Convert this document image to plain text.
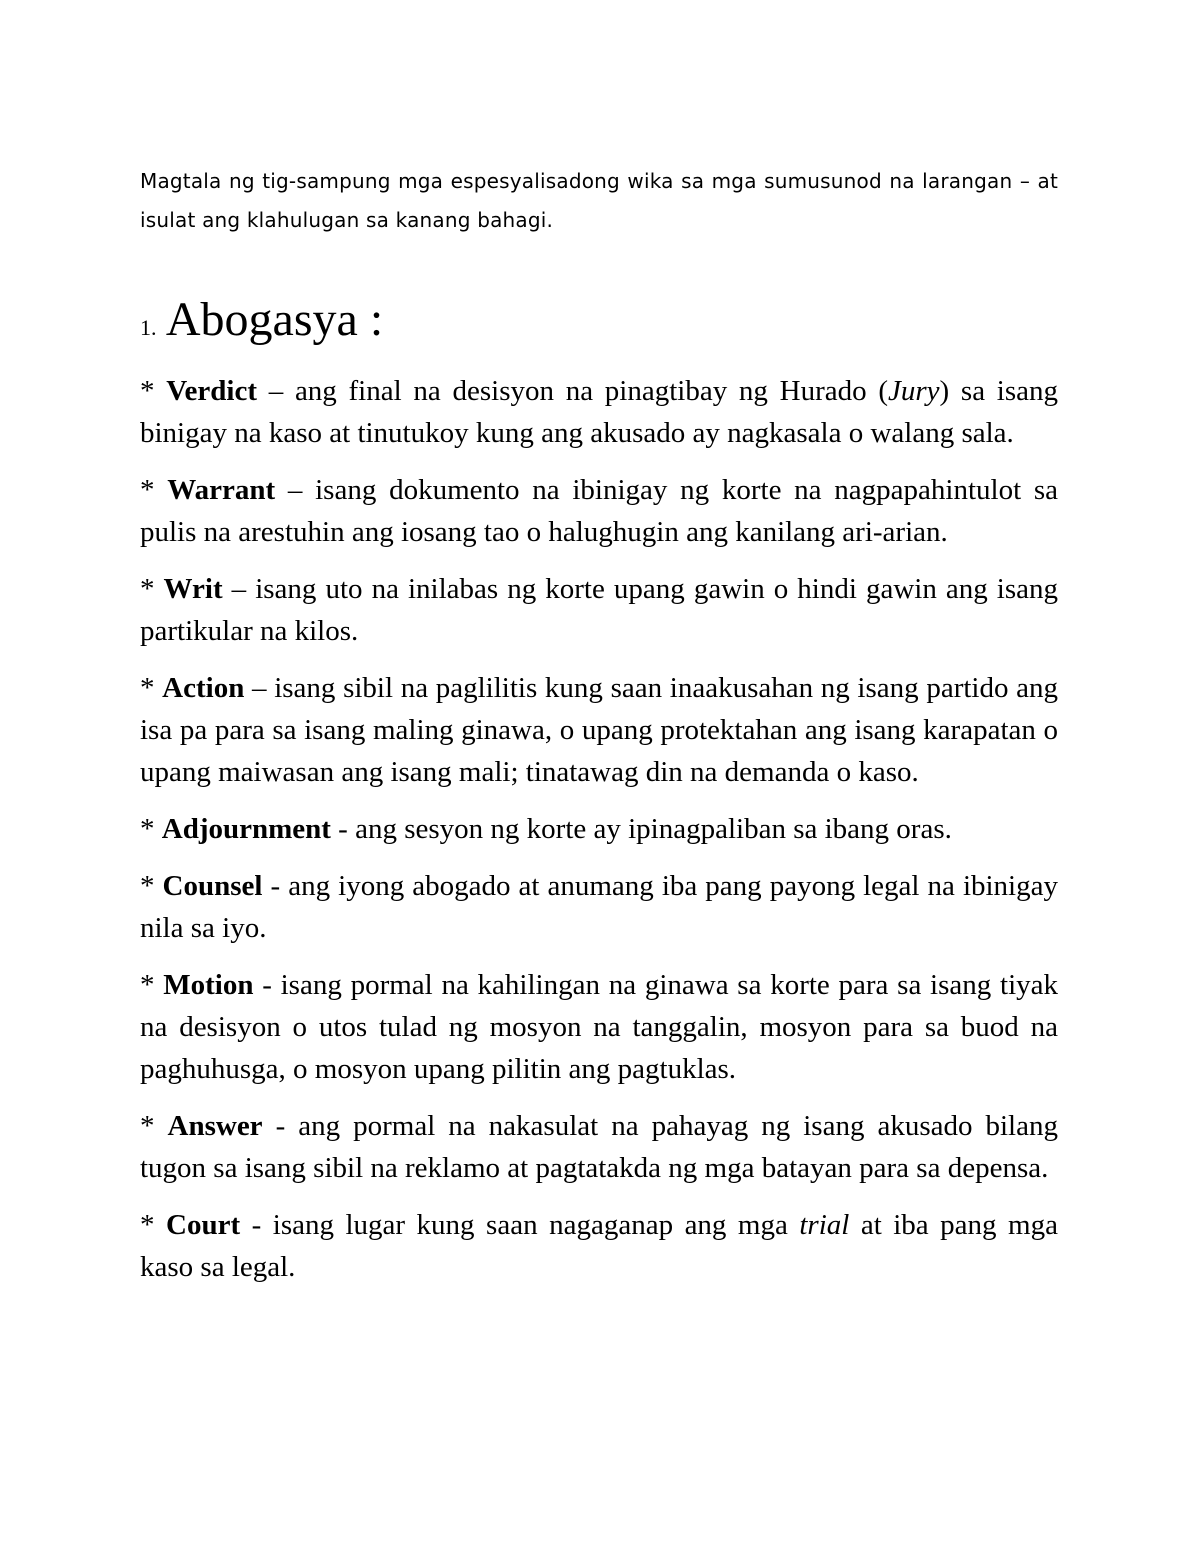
Magtala ng tig-sampung mga espesyalisadong wika sa mga sumusunod na larangan – at isulat ang klahulugan sa kanang bahagi.

1. Abogasya :

* Verdict – ang final na desisyon na pinagtibay ng Hurado (Jury) sa isang binigay na kaso at tinutukoy kung ang akusado ay nagkasala o walang sala.

* Warrant – isang dokumento na ibinigay ng korte na nagpapahintulot sa pulis na arestuhin ang iosang tao o halughugin ang kanilang ari-arian.

* Writ – isang uto na inilabas ng korte upang gawin o hindi gawin ang isang partikular na kilos.

* Action – isang sibil na paglilitis kung saan inaakusahan ng isang partido ang isa pa para sa isang maling ginawa, o upang protektahan ang isang karapatan o upang maiwasan ang isang mali; tinatawag din na demanda o kaso.

* Adjournment - ang sesyon ng korte ay ipinagpaliban sa ibang oras.

* Counsel - ang iyong abogado at anumang iba pang payong legal na ibinigay nila sa iyo.

* Motion - isang pormal na kahilingan na ginawa sa korte para sa isang tiyak na desisyon o utos tulad ng mosyon na tanggalin, mosyon para sa buod na paghuhusga, o mosyon upang pilitin ang pagtuklas.

* Answer - ang pormal na nakasulat na pahayag ng isang akusado bilang tugon sa isang sibil na reklamo at pagtatakda ng mga batayan para sa depensa.

* Court - isang lugar kung saan nagaganap ang mga trial at iba pang mga kaso sa legal.
